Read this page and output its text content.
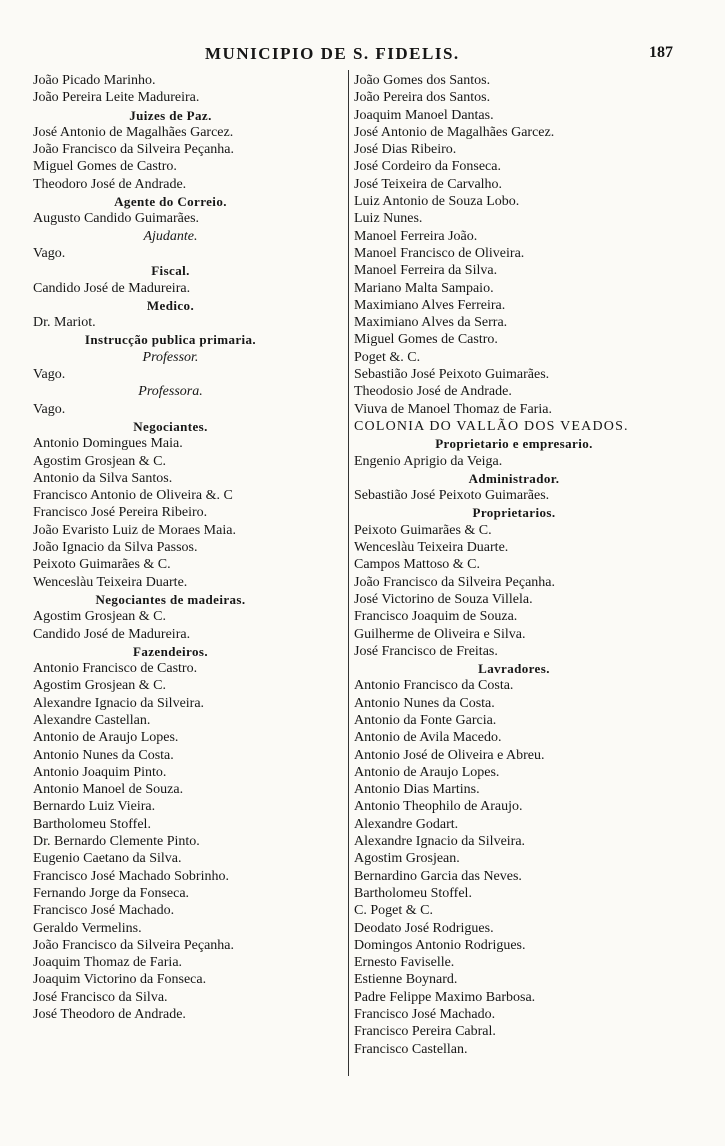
MUNICIPIO DE S. FIDELIS.	187
João Picado Marinho.
João Pereira Leite Madureira.
Juizes de Paz.
José Antonio de Magalhães Garcez.
João Francisco da Silveira Peçanha.
Miguel Gomes de Castro.
Theodoro José de Andrade.
Agente do Correio.
Augusto Candido Guimarães.
Ajudante.
Vago.
Fiscal.
Candido José de Madureira.
Medico.
Dr. Mariot.
Instrucção publica primaria.
Professor.
Vago.
Professora.
Vago.
Negociantes.
Antonio Domingues Maia.
Agostim Grosjean & C.
Antonio da Silva Santos.
Francisco Antonio de Oliveira &. C
Francisco José Pereira Ribeiro.
João Evaristo Luiz de Moraes Maia.
João Ignacio da Silva Passos.
Peixoto Guimarães & C.
Wenceslàu Teixeira Duarte.
Negociantes de madeiras.
Agostim Grosjean & C.
Candido José de Madureira.
Fazendeiros.
Antonio Francisco de Castro.
Agostim Grosjean & C.
Alexandre Ignacio da Silveira.
Alexandre Castellan.
Antonio de Araujo Lopes.
Antonio Nunes da Costa.
Antonio Joaquim Pinto.
Antonio Manoel de Souza.
Bernardo Luiz Vieira.
Bartholomeu Stoffel.
Dr. Bernardo Clemente Pinto.
Eugenio Caetano da Silva.
Francisco José Machado Sobrinho.
Fernando Jorge da Fonseca.
Francisco José Machado.
Geraldo Vermelins.
João Francisco da Silveira Peçanha.
Joaquim Thomaz de Faria.
Joaquim Victorino da Fonseca.
José Francisco da Silva.
José Theodoro de Andrade.
João Gomes dos Santos.
João Pereira dos Santos.
Joaquim Manoel Dantas.
José Antonio de Magalhães Garcez.
José Dias Ribeiro.
José Cordeiro da Fonseca.
José Teixeira de Carvalho.
Luiz Antonio de Souza Lobo.
Luiz Nunes.
Manoel Ferreira João.
Manoel Francisco de Oliveira.
Manoel Ferreira da Silva.
Mariano Malta Sampaio.
Maximiano Alves Ferreira.
Maximiano Alves da Serra.
Miguel Gomes de Castro.
Poget &. C.
Sebastião José Peixoto Guimarães.
Theodosio José de Andrade.
Viuva de Manoel Thomaz de Faria.
COLONIA DO VALLÃO DOS VEADOS.
Proprietario e empresario.
Engenio Aprigio da Veiga.
Administrador.
Sebastião José Peixoto Guimarães.
Proprietarios.
Peixoto Guimarães & C.
Wenceslàu Teixeira Duarte.
Campos Mattoso & C.
João Francisco da Silveira Peçanha.
José Victorino de Souza Villela.
Francisco Joaquim de Souza.
Guilherme de Oliveira e Silva.
José Francisco de Freitas.
Lavradores.
Antonio Francisco da Costa.
Antonio Nunes da Costa.
Antonio da Fonte Garcia.
Antonio de Avila Macedo.
Antonio José de Oliveira e Abreu.
Antonio de Araujo Lopes.
Antonio Dias Martins.
Antonio Theophilo de Araujo.
Alexandre Godart.
Alexandre Ignacio da Silveira.
Agostim Grosjean.
Bernardino Garcia das Neves.
Bartholomeu Stoffel.
C. Poget & C.
Deodato José Rodrigues.
Domingos Antonio Rodrigues.
Ernesto Faviselle.
Estienne Boynard.
Padre Felippe Maximo Barbosa.
Francisco José Machado.
Francisco Pereira Cabral.
Francisco Castellan.
